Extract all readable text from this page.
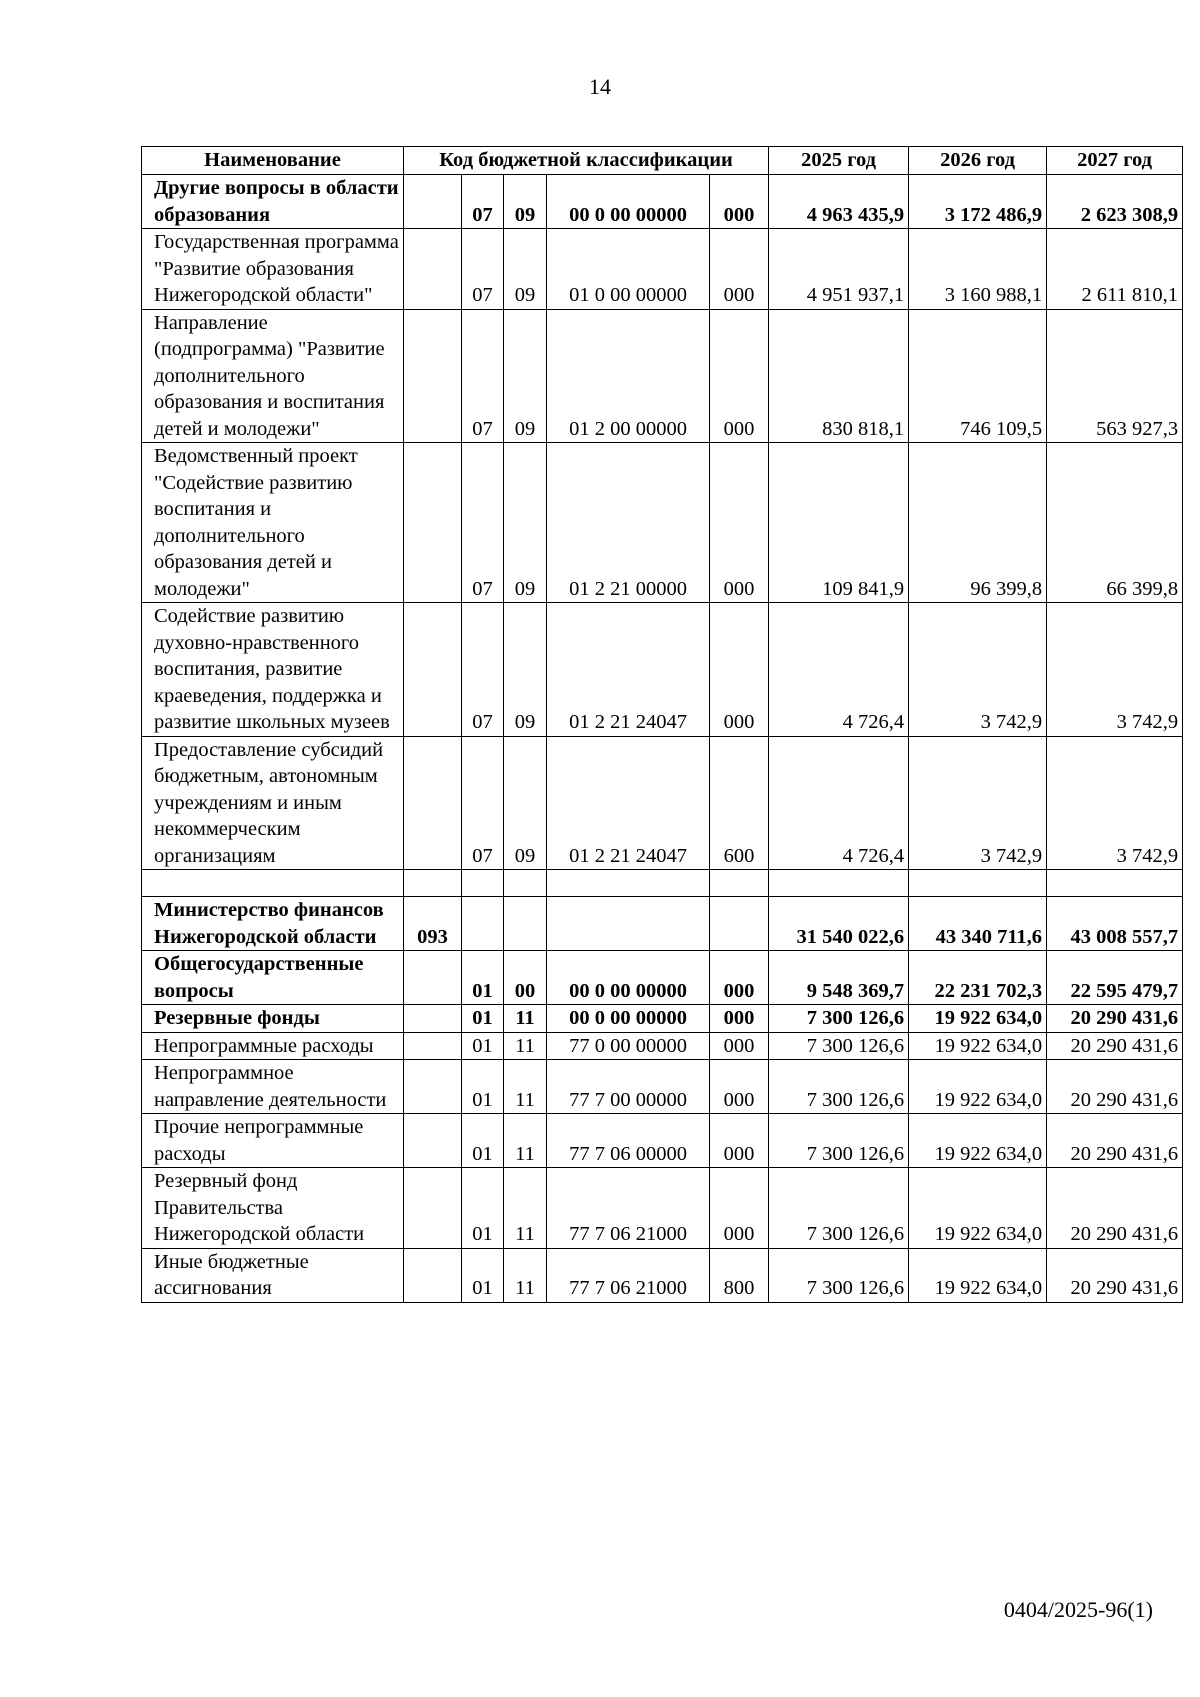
14
Наименование	Код бюджетной классификации					2025 год	2026 год	2027 год
Другие вопросы в области образования		07	09	00 0 00 00000	000	4 963 435,9	3 172 486,9	2 623 308,9
Государственная программа "Развитие образования Нижегородской области"		07	09	01 0 00 00000	000	4 951 937,1	3 160 988,1	2 611 810,1
Направление (подпрограмма) "Развитие дополнительного образования и воспитания детей и молодежи"		07	09	01 2 00 00000	000	830 818,1	746 109,5	563 927,3
Ведомственный проект "Содействие развитию воспитания и дополнительного образования детей и молодежи"		07	09	01 2 21 00000	000	109 841,9	96 399,8	66 399,8
Содействие развитию духовно-нравственного воспитания, развитие краеведения, поддержка и развитие школьных музеев		07	09	01 2 21 24047	000	4 726,4	3 742,9	3 742,9
Предоставление субсидий бюджетным, автономным учреждениям и иным некоммерческим организациям		07	09	01 2 21 24047	600	4 726,4	3 742,9	3 742,9

Министерство финансов Нижегородской области	093					31 540 022,6	43 340 711,6	43 008 557,7
Общегосударственные вопросы		01	00	00 0 00 00000	000	9 548 369,7	22 231 702,3	22 595 479,7
Резервные фонды		01	11	00 0 00 00000	000	7 300 126,6	19 922 634,0	20 290 431,6
Непрограммные расходы		01	11	77 0 00 00000	000	7 300 126,6	19 922 634,0	20 290 431,6
Непрограммное направление деятельности		01	11	77 7 00 00000	000	7 300 126,6	19 922 634,0	20 290 431,6
Прочие непрограммные расходы		01	11	77 7 06 00000	000	7 300 126,6	19 922 634,0	20 290 431,6
Резервный фонд Правительства Нижегородской области		01	11	77 7 06 21000	000	7 300 126,6	19 922 634,0	20 290 431,6
Иные бюджетные ассигнования		01	11	77 7 06 21000	800	7 300 126,6	19 922 634,0	20 290 431,6
0404/2025-96(1)
